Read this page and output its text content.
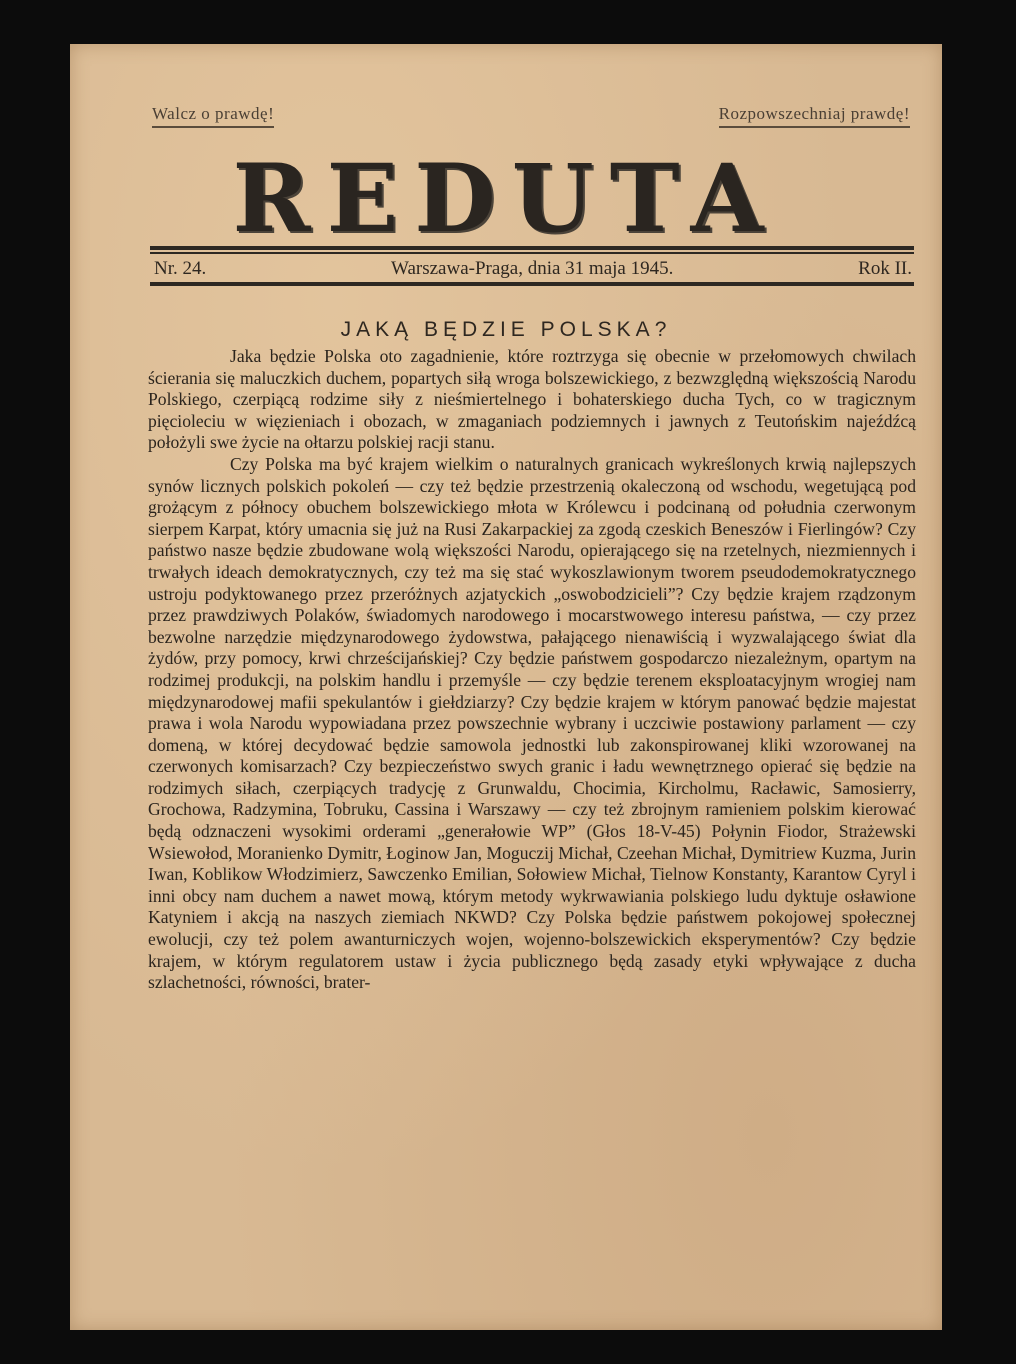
Walcz o prawdę!	Rozpowszechniaj prawdę!
REDUTA
Nr. 24.	Warszawa-Praga, dnia 31 maja 1945.	Rok II.
JAKĄ BĘDZIE POLSKA?

Jaka będzie Polska oto zagadnienie, które roztrzyga się obecnie w przełomowych chwilach ścierania się maluczkich duchem, popartych siłą wroga bolszewickiego, z bezwzględną większością Narodu Polskiego, czerpiącą rodzime siły z nieśmiertelnego i bohaterskiego ducha Tych, co w tragicznym pięcioleciu w więzieniach i obozach, w zmaganiach podziemnych i jawnych z Teutońskim najeźdźcą położyli swe życie na ołtarzu polskiej racji stanu.

Czy Polska ma być krajem wielkim o naturalnych granicach wykreślonych krwią najlepszych synów licznych polskich pokoleń — czy też będzie przestrzenią okaleczoną od wschodu, wegetującą pod grożącym z północy obuchem bolszewickiego młota w Królewcu i podcinaną od południa czerwonym sierpem Karpat, który umacnia się już na Rusi Zakarpackiej za zgodą czeskich Beneszów i Fierlingów? Czy państwo nasze będzie zbudowane wolą większości Narodu, opierającego się na rzetelnych, niezmiennych i trwałych ideach demokratycznych, czy też ma się stać wykoszlawionym tworem pseudodemokratycznego ustroju podyktowanego przez przeróżnych azjatyckich „oswobodzicieli”? Czy będzie krajem rządzonym przez prawdziwych Polaków, świadomych narodowego i mocarstwowego interesu państwa, — czy przez bezwolne narzędzie międzynarodowego żydowstwa, pałającego nienawiścią i wyzwalającego świat dla żydów, przy pomocy, krwi chrześcijańskiej? Czy będzie państwem gospodarczo niezależnym, opartym na rodzimej produkcji, na polskim handlu i przemyśle — czy będzie terenem eksploatacyjnym wrogiej nam międzynarodowej mafii spekulantów i giełdziarzy? Czy będzie krajem w którym panować będzie majestat prawa i wola Narodu wypowiadana przez powszechnie wybrany i uczciwie postawiony parlament — czy domeną, w której decydować będzie samowola jednostki lub zakonspirowanej kliki wzorowanej na czerwonych komisarzach? Czy bezpieczeństwo swych granic i ładu wewnętrznego opierać się będzie na rodzimych siłach, czerpiących tradycję z Grunwaldu, Chocimia, Kircholmu, Racławic, Samosierry, Grochowa, Radzymina, Tobruku, Cassina i Warszawy — czy też zbrojnym ramieniem polskim kierować będą odznaczeni wysokimi orderami „generałowie WP” (Głos 18-V-45) Połynin Fiodor, Strażewski Wsiewołod, Moranienko Dymitr, Łoginow Jan, Moguczij Michał, Czeehan Michał, Dymitriew Kuzma, Jurin Iwan, Koblikow Włodzimierz, Sawczenko Emilian, Sołowiew Michał, Tielnow Konstanty, Karantow Cyryl i inni obcy nam duchem a nawet mową, którym metody wykrwawiania polskiego ludu dyktuje osławione Katyniem i akcją na naszych ziemiach NKWD? Czy Polska będzie państwem pokojowej społecznej ewolucji, czy też polem awanturniczych wojen, wojenno-bolszewickich eksperymentów? Czy będzie krajem, w którym regulatorem ustaw i życia publicznego będą zasady etyki wpływające z ducha szlachetności, równości, brater-
